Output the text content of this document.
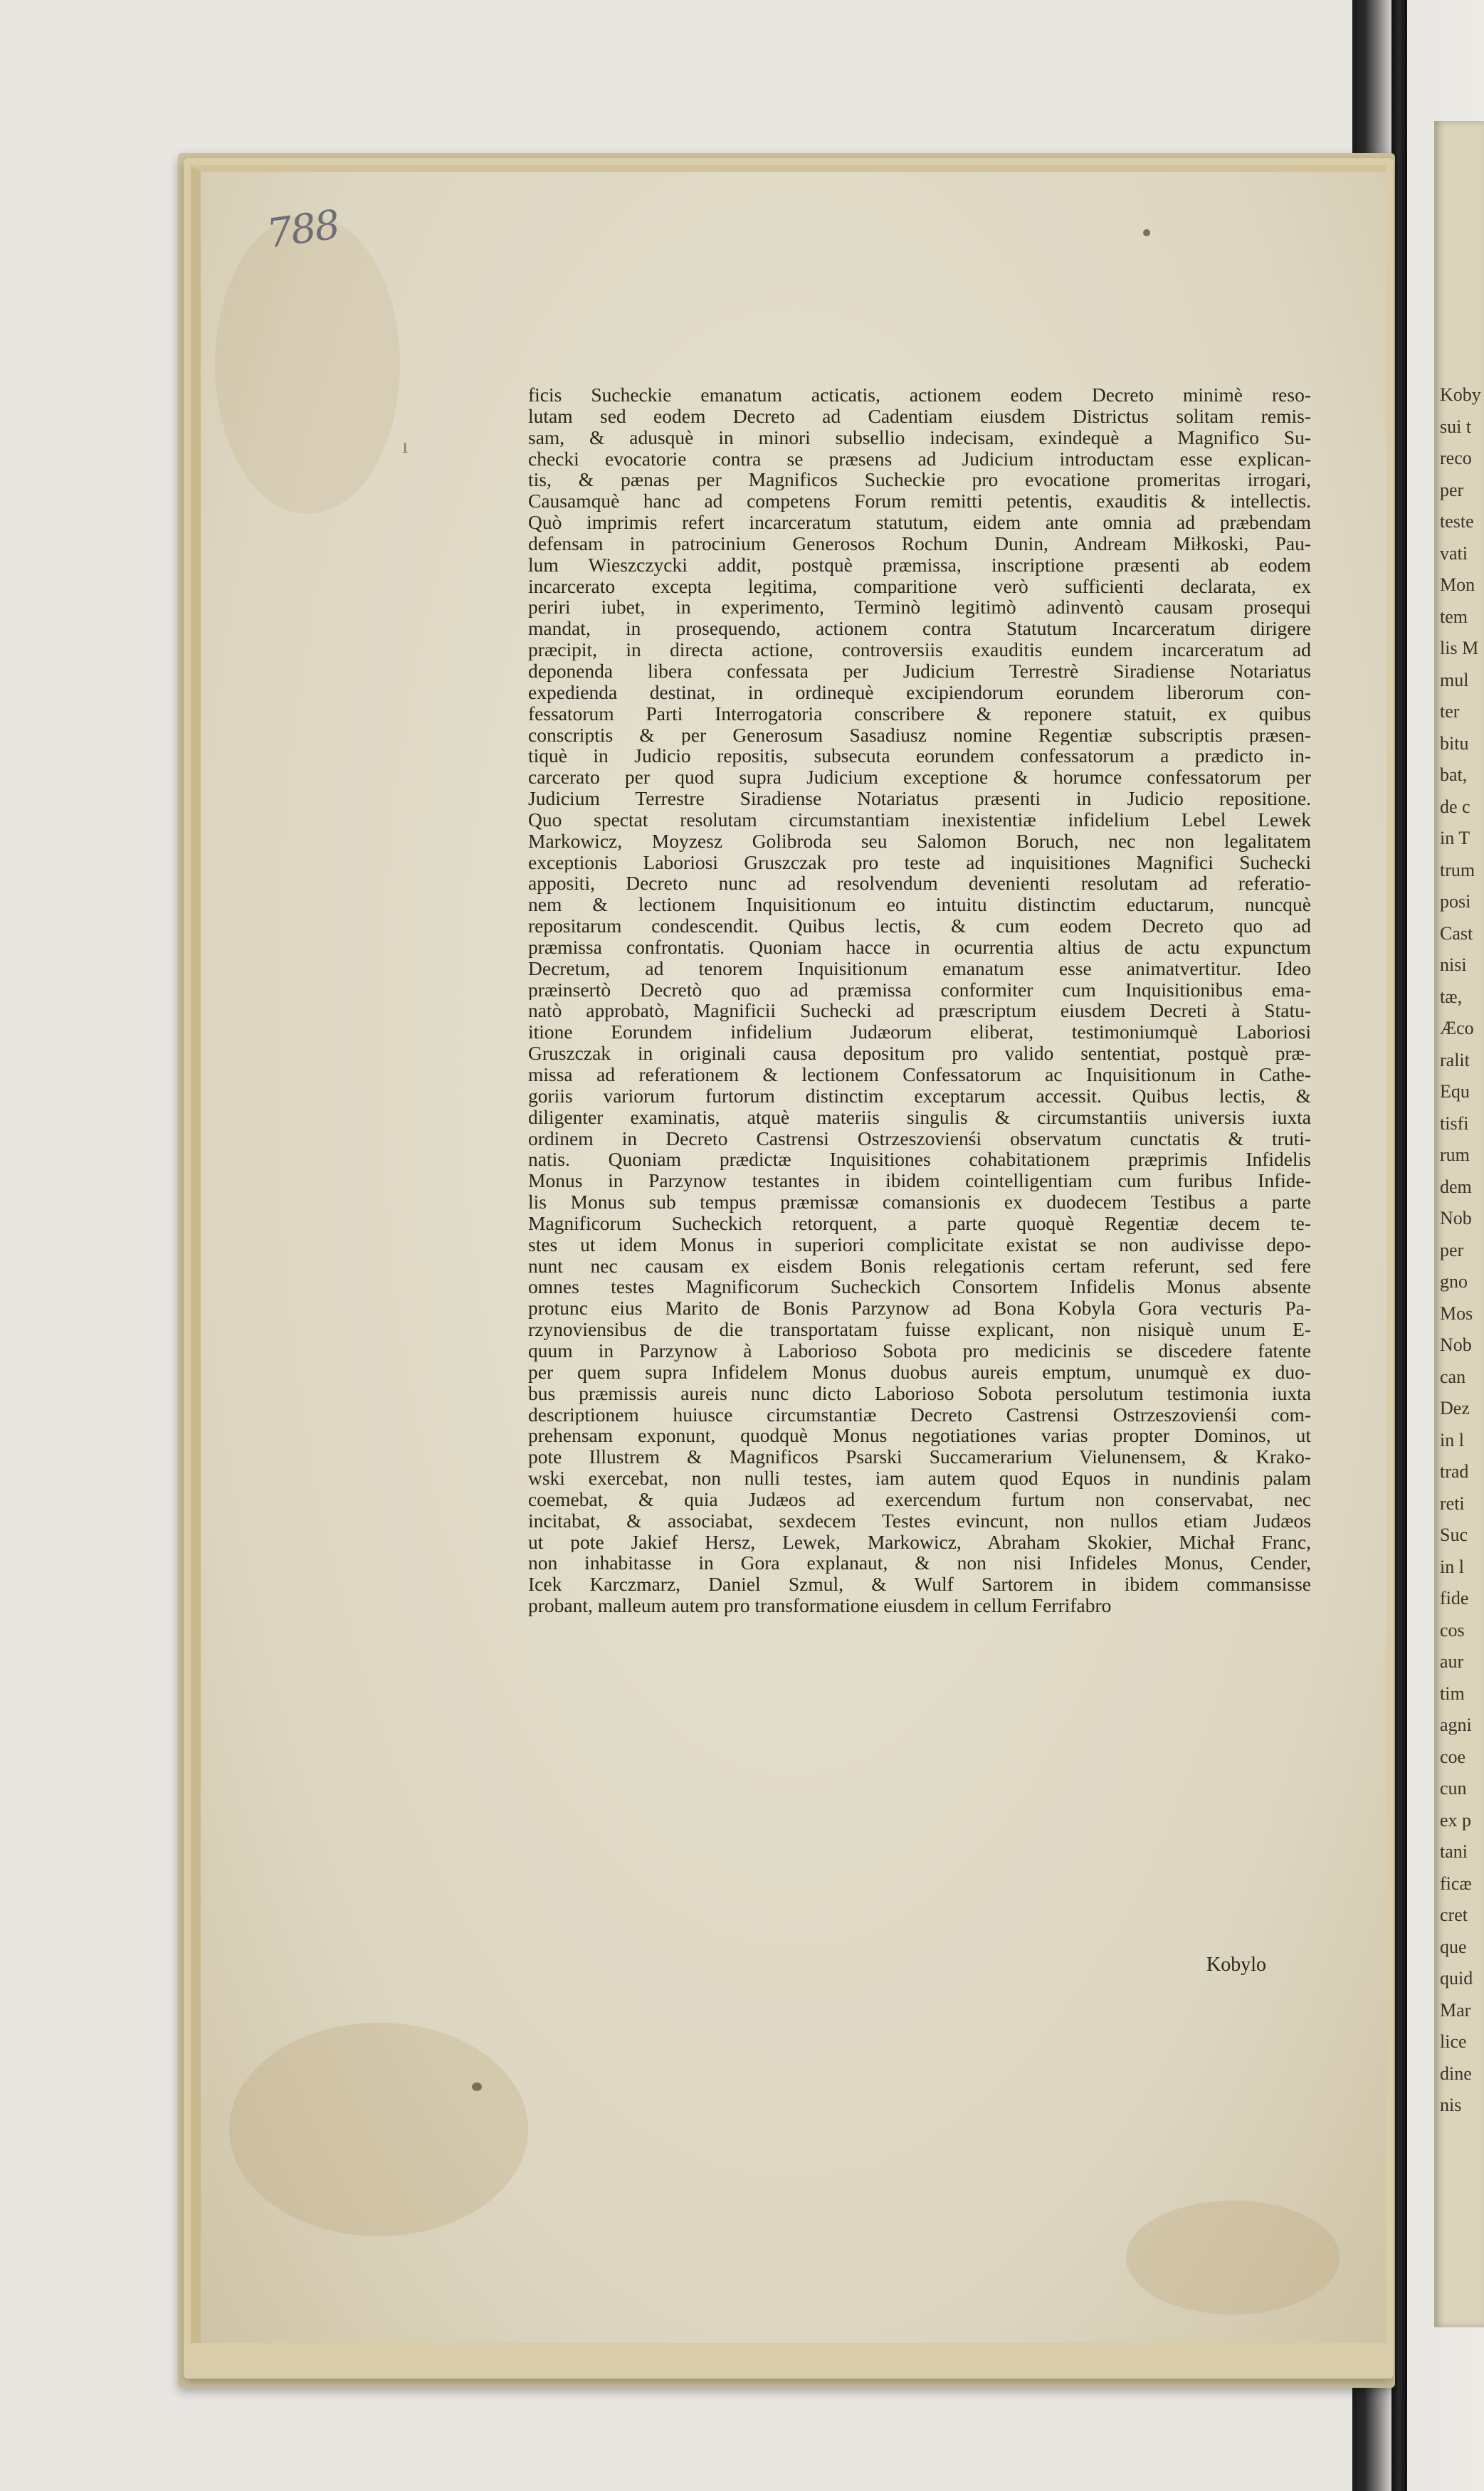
Koby
sui t
reco
per
teste
vati
Mon
tem
lis M
mul
ter
bitu
bat,
de c
in T
trum
posi
Cast
nisi
tæ,
Æco
ralit
Equ
tisfi
rum
dem
Nob
per
gno
Mos
Nob
can
Dez
in l
trad
reti
Suc
in l
fide
cos
aur
tim
agni
coe
cun
ex p
tani
ficæ
cret
que
quid
Mar
lice
dine
nis
788
ı
ficis Sucheckie emanatum acticatis, actionem eodem Decreto minimè reso-
lutam sed eodem Decreto ad Cadentiam eiusdem Districtus solitam remis-
sam, & adusquè in minori subsellio indecisam, exindequè a Magnifico Su-
checki evocatorie contra se præsens ad Judicium introductam esse explican-
tis, & pænas per Magnificos Sucheckie pro evocatione promeritas irrogari,
Causamquè hanc ad competens Forum remitti petentis, exauditis & intellectis.
Quò imprimis refert incarceratum statutum, eidem ante omnia ad præbendam
defensam in patrocinium Generosos Rochum Dunin, Andream Miłkoski, Pau-
lum Wieszczycki addit, postquè præmissa, inscriptione præsenti ab eodem
incarcerato excepta legitima, comparitione verò sufficienti declarata, ex
periri iubet, in experimento, Terminò legitimò adinventò causam prosequi
mandat, in prosequendo, actionem contra Statutum Incarceratum dirigere
præcipit, in directa actione, controversiis exauditis eundem incarceratum ad
deponenda libera confessata per Judicium Terrestrè Siradiense Notariatus
expedienda destinat, in ordinequè excipiendorum eorundem liberorum con-
fessatorum Parti Interrogatoria conscribere & reponere statuit, ex quibus
conscriptis & per Generosum Sasadiusz nomine Regentiæ subscriptis præsen-
tiquè in Judicio repositis, subsecuta eorundem confessatorum a prædicto in-
carcerato per quod supra Judicium exceptione & horumce confessatorum per
Judicium Terrestre Siradiense Notariatus præsenti in Judicio repositione.
Quo spectat resolutam circumstantiam inexistentiæ infidelium Lebel Lewek
Markowicz, Moyzesz Golibroda seu Salomon Boruch, nec non legalitatem
exceptionis Laboriosi Gruszczak pro teste ad inquisitiones Magnifici Suchecki
appositi, Decreto nunc ad resolvendum devenienti resolutam ad referatio-
nem & lectionem Inquisitionum eo intuitu distinctim eductarum, nuncquè
repositarum condescendit. Quibus lectis, & cum eodem Decreto quo ad
præmissa confrontatis. Quoniam hacce in ocurrentia altius de actu expunctum
Decretum, ad tenorem Inquisitionum emanatum esse animatvertitur. Ideo
præinsertò Decretò quo ad præmissa conformiter cum Inquisitionibus ema-
natò approbatò, Magnificii Suchecki ad præscriptum eiusdem Decreti à Statu-
itione Eorundem infidelium Judæorum eliberat, testimoniumquè Laboriosi
Gruszczak in originali causa depositum pro valido sententiat, postquè præ-
missa ad referationem & lectionem Confessatorum ac Inquisitionum in Cathe-
goriis variorum furtorum distinctim exceptarum accessit. Quibus lectis, &
diligenter examinatis, atquè materiis singulis & circumstantiis universis iuxta
ordinem in Decreto Castrensi Ostrzeszovienśi observatum cunctatis & truti-
natis. Quoniam prædictæ Inquisitiones cohabitationem præprimis Infidelis
Monus in Parzynow testantes in ibidem cointelligentiam cum furibus Infide-
lis Monus sub tempus præmissæ comansionis ex duodecem Testibus a parte
Magnificorum Sucheckich retorquent, a parte quoquè Regentiæ decem te-
stes ut idem Monus in superiori complicitate existat se non audivisse depo-
nunt nec causam ex eisdem Bonis relegationis certam referunt, sed fere
omnes testes Magnificorum Sucheckich Consortem Infidelis Monus absente
protunc eius Marito de Bonis Parzynow ad Bona Kobyla Gora vecturis Pa-
rzynoviensibus de die transportatam fuisse explicant, non nisiquè unum E-
quum in Parzynow à Laborioso Sobota pro medicinis se discedere fatente
per quem supra Infidelem Monus duobus aureis emptum, unumquè ex duo-
bus præmissis aureis nunc dicto Laborioso Sobota persolutum testimonia iuxta
descriptionem huiusce circumstantiæ Decreto Castrensi Ostrzeszovienśi com-
prehensam exponunt, quodquè Monus negotiationes varias propter Dominos, ut
pote Illustrem & Magnificos Psarski Succamerarium Vielunensem, & Krako-
wski exercebat, non nulli testes, iam autem quod Equos in nundinis palam
coemebat, & quia Judæos ad exercendum furtum non conservabat, nec
incitabat, & associabat, sexdecem Testes evincunt, non nullos etiam Judæos
ut pote Jakief Hersz, Lewek, Markowicz, Abraham Skokier, Michał Franc,
non inhabitasse in Gora explanaut, & non nisi Infideles Monus, Cender,
Icek Karczmarz, Daniel Szmul, & Wulf Sartorem in ibidem commansisse
probant, malleum autem pro transformatione eiusdem in cellum Ferrifabro
Kobylo
